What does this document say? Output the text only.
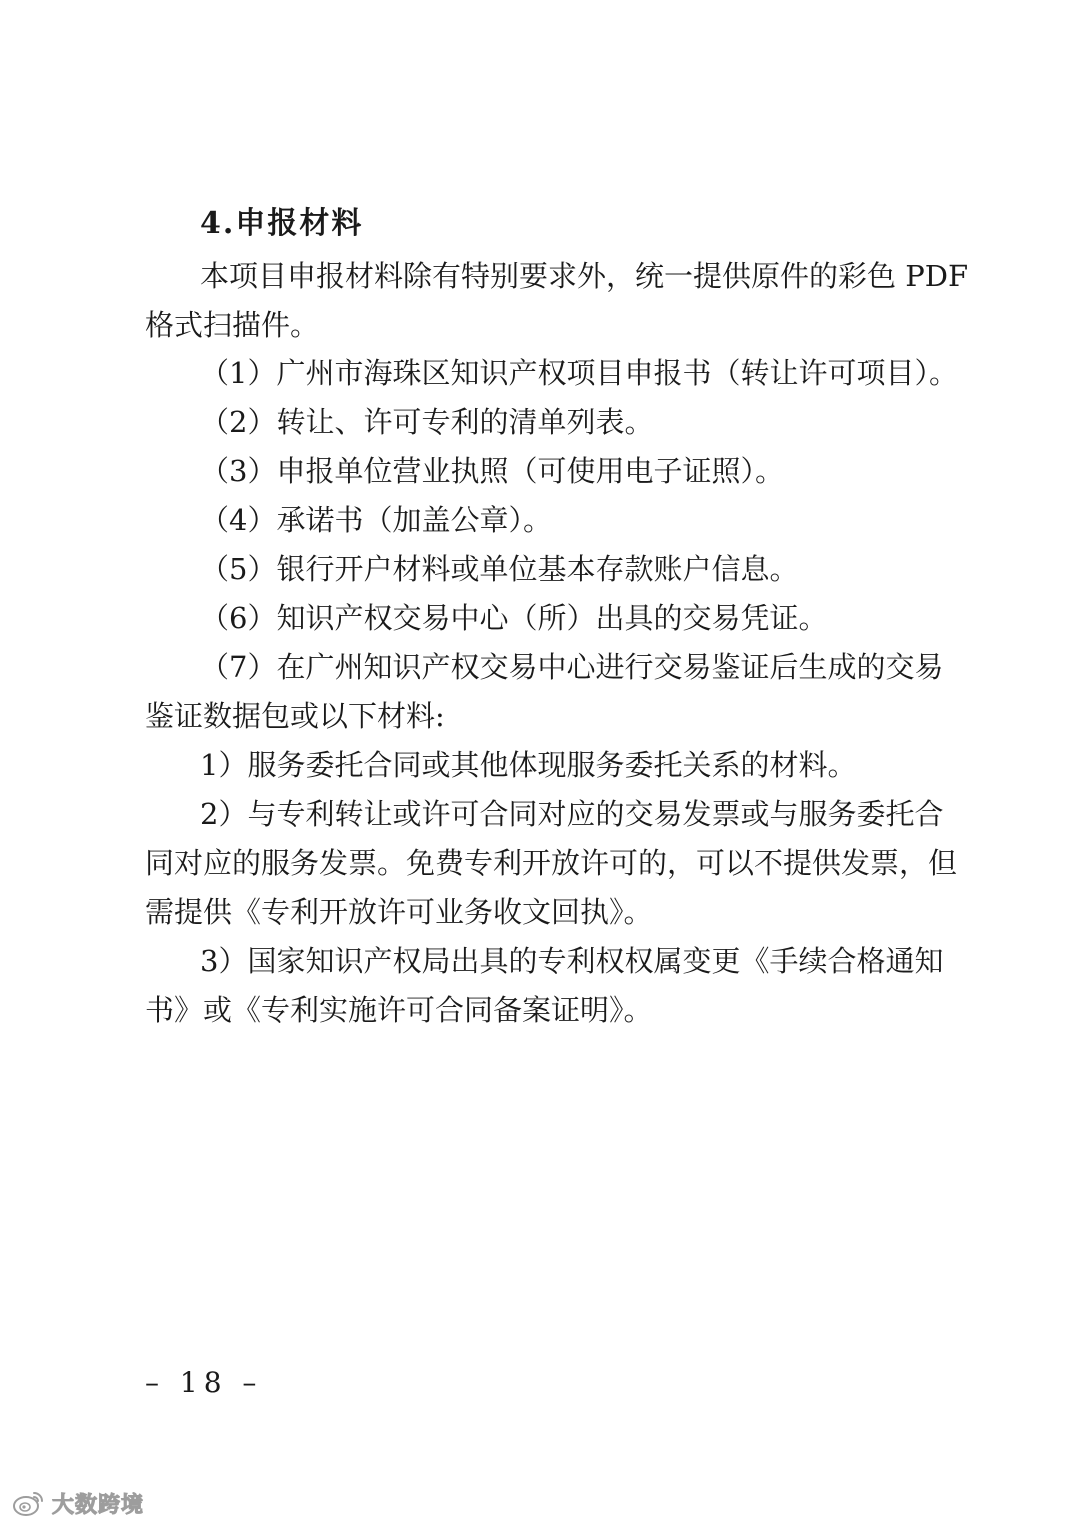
4.申报材料
本项目申报材料除有特别要求外，统一提供原件的彩色 PDF
格式扫描件。
（1）广州市海珠区知识产权项目申报书（转让许可项目）。
（2）转让、许可专利的清单列表。
（3）申报单位营业执照（可使用电子证照）。
（4）承诺书（加盖公章）。
（5）银行开户材料或单位基本存款账户信息。
（6）知识产权交易中心（所）出具的交易凭证。
（7）在广州知识产权交易中心进行交易鉴证后生成的交易
鉴证数据包或以下材料:
1）服务委托合同或其他体现服务委托关系的材料。
2）与专利转让或许可合同对应的交易发票或与服务委托合
同对应的服务发票。免费专利开放许可的，可以不提供发票，但
需提供《专利开放许可业务收文回执》。
3）国家知识产权局出具的专利权权属变更《手续合格通知
书》或《专利实施许可合同备案证明》。
– 18 –
大数跨境
